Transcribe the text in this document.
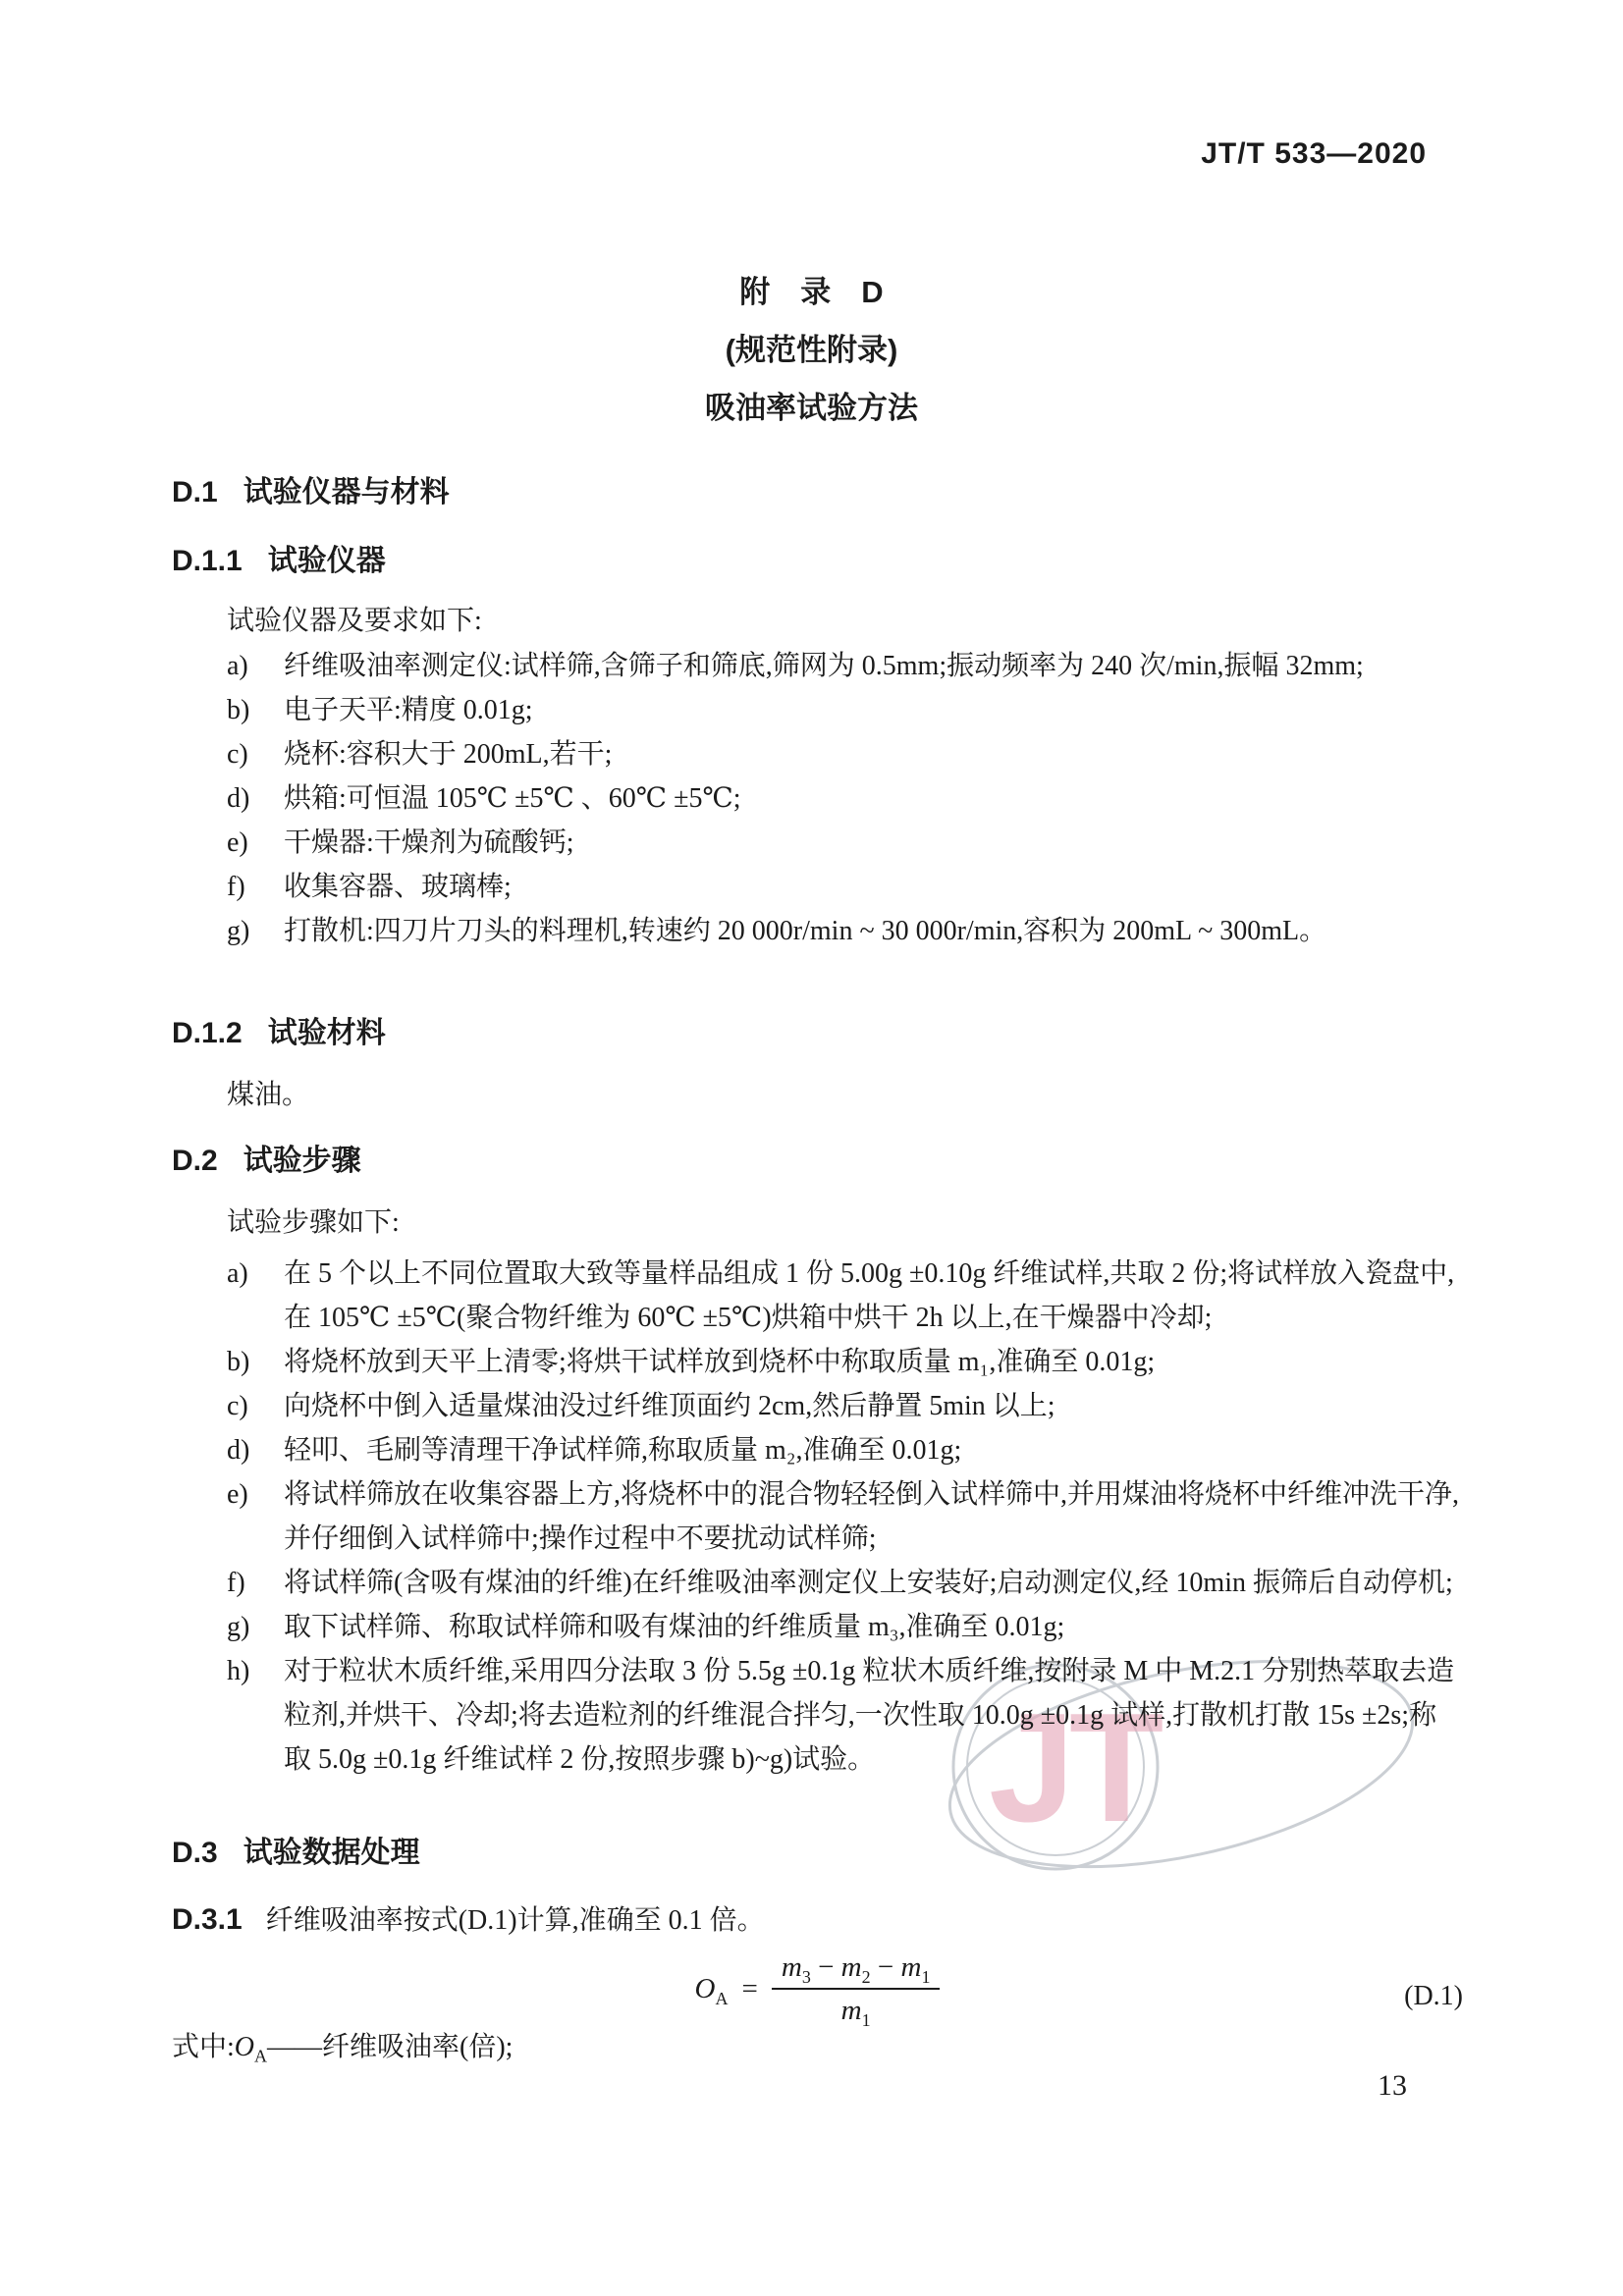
JT
JT/T 533—2020
附　录　D
(规范性附录)
吸油率试验方法
D.1 试验仪器与材料
D.1.1 试验仪器
试验仪器及要求如下:
a) 纤维吸油率测定仪:试样筛,含筛子和筛底,筛网为 0.5mm;振动频率为 240 次/min,振幅 32mm;
b) 电子天平:精度 0.01g;
c) 烧杯:容积大于 200mL,若干;
d) 烘箱:可恒温 105℃ ±5℃ 、60℃ ±5℃;
e) 干燥器:干燥剂为硫酸钙;
f) 收集容器、玻璃棒;
g) 打散机:四刀片刀头的料理机,转速约 20 000r/min ~ 30 000r/min,容积为 200mL ~ 300mL。
D.1.2 试验材料
煤油。
D.2 试验步骤
试验步骤如下:
a) 在 5 个以上不同位置取大致等量样品组成 1 份 5.00g ±0.10g 纤维试样,共取 2 份;将试样放入瓷盘中,在 105℃ ±5℃(聚合物纤维为 60℃ ±5℃)烘箱中烘干 2h 以上,在干燥器中冷却;
b) 将烧杯放到天平上清零;将烘干试样放到烧杯中称取质量 m₁,准确至 0.01g;
c) 向烧杯中倒入适量煤油没过纤维顶面约 2cm,然后静置 5min 以上;
d) 轻叩、毛刷等清理干净试样筛,称取质量 m₂,准确至 0.01g;
e) 将试样筛放在收集容器上方,将烧杯中的混合物轻轻倒入试样筛中,并用煤油将烧杯中纤维冲洗干净,并仔细倒入试样筛中;操作过程中不要扰动试样筛;
f) 将试样筛(含吸有煤油的纤维)在纤维吸油率测定仪上安装好;启动测定仪,经 10min 振筛后自动停机;
g) 取下试样筛、称取试样筛和吸有煤油的纤维质量 m₃,准确至 0.01g;
h) 对于粒状木质纤维,采用四分法取 3 份 5.5g ±0.1g 粒状木质纤维,按附录 M 中 M.2.1 分别热萃取去造粒剂,并烘干、冷却;将去造粒剂的纤维混合拌匀,一次性取 10.0g ±0.1g 试样,打散机打散 15s ±2s;称取 5.0g ±0.1g 纤维试样 2 份,按照步骤 b)~g)试验。
D.3 试验数据处理
D.3.1 纤维吸油率按式(D.1)计算,准确至 0.1 倍。
$O_A = \frac{m_3 - m_2 - m_1}{m_1}$	(D.1)
式中$:O_A——$纤维吸油率(倍);
13
